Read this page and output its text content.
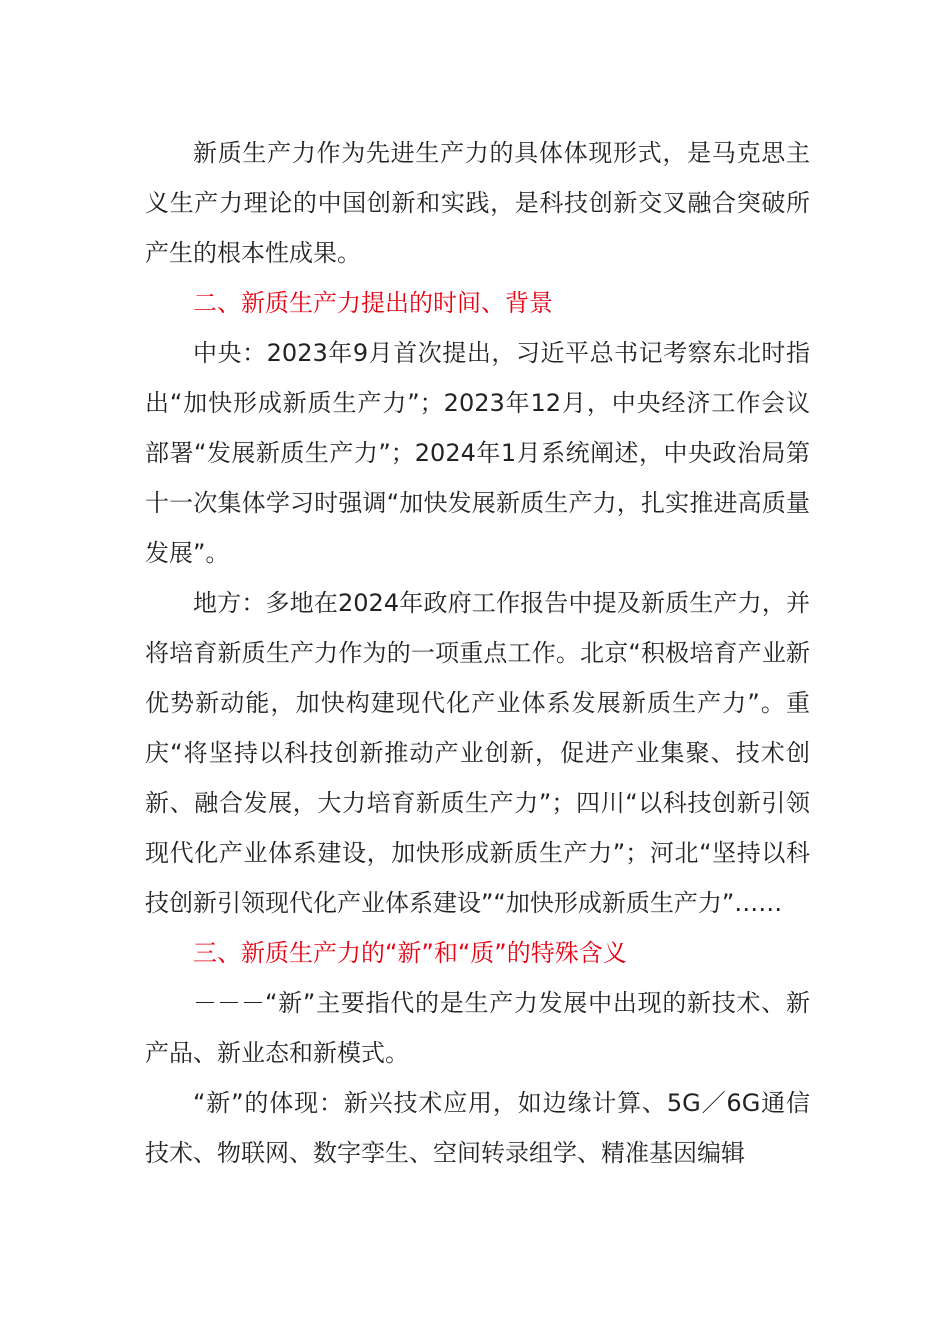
新质生产力作为先进生产力的具体体现形式，是马克思主义生产力理论的中国创新和实践，是科技创新交叉融合突破所产生的根本性成果。

二、新质生产力提出的时间、背景

中央：2023年9月首次提出，习近平总书记考察东北时指出“加快形成新质生产力”；2023年12月，中央经济工作会议部署“发展新质生产力”；2024年1月系统阐述，中央政治局第十一次集体学习时强调“加快发展新质生产力，扎实推进高质量发展”。

地方：多地在2024年政府工作报告中提及新质生产力，并将培育新质生产力作为的一项重点工作。北京“积极培育产业新优势新动能，加快构建现代化产业体系发展新质生产力”。重庆“将坚持以科技创新推动产业创新，促进产业集聚、技术创新、融合发展，大力培育新质生产力”；四川“以科技创新引领现代化产业体系建设，加快形成新质生产力”；河北“坚持以科技创新引领现代化产业体系建设”“加快形成新质生产力”……

三、新质生产力的“新”和“质”的特殊含义

－－－“新”主要指代的是生产力发展中出现的新技术、新产品、新业态和新模式。

“新”的体现：新兴技术应用，如边缘计算、5G／6G通信技术、物联网、数字孪生、空间转录组学、精准基因编辑
